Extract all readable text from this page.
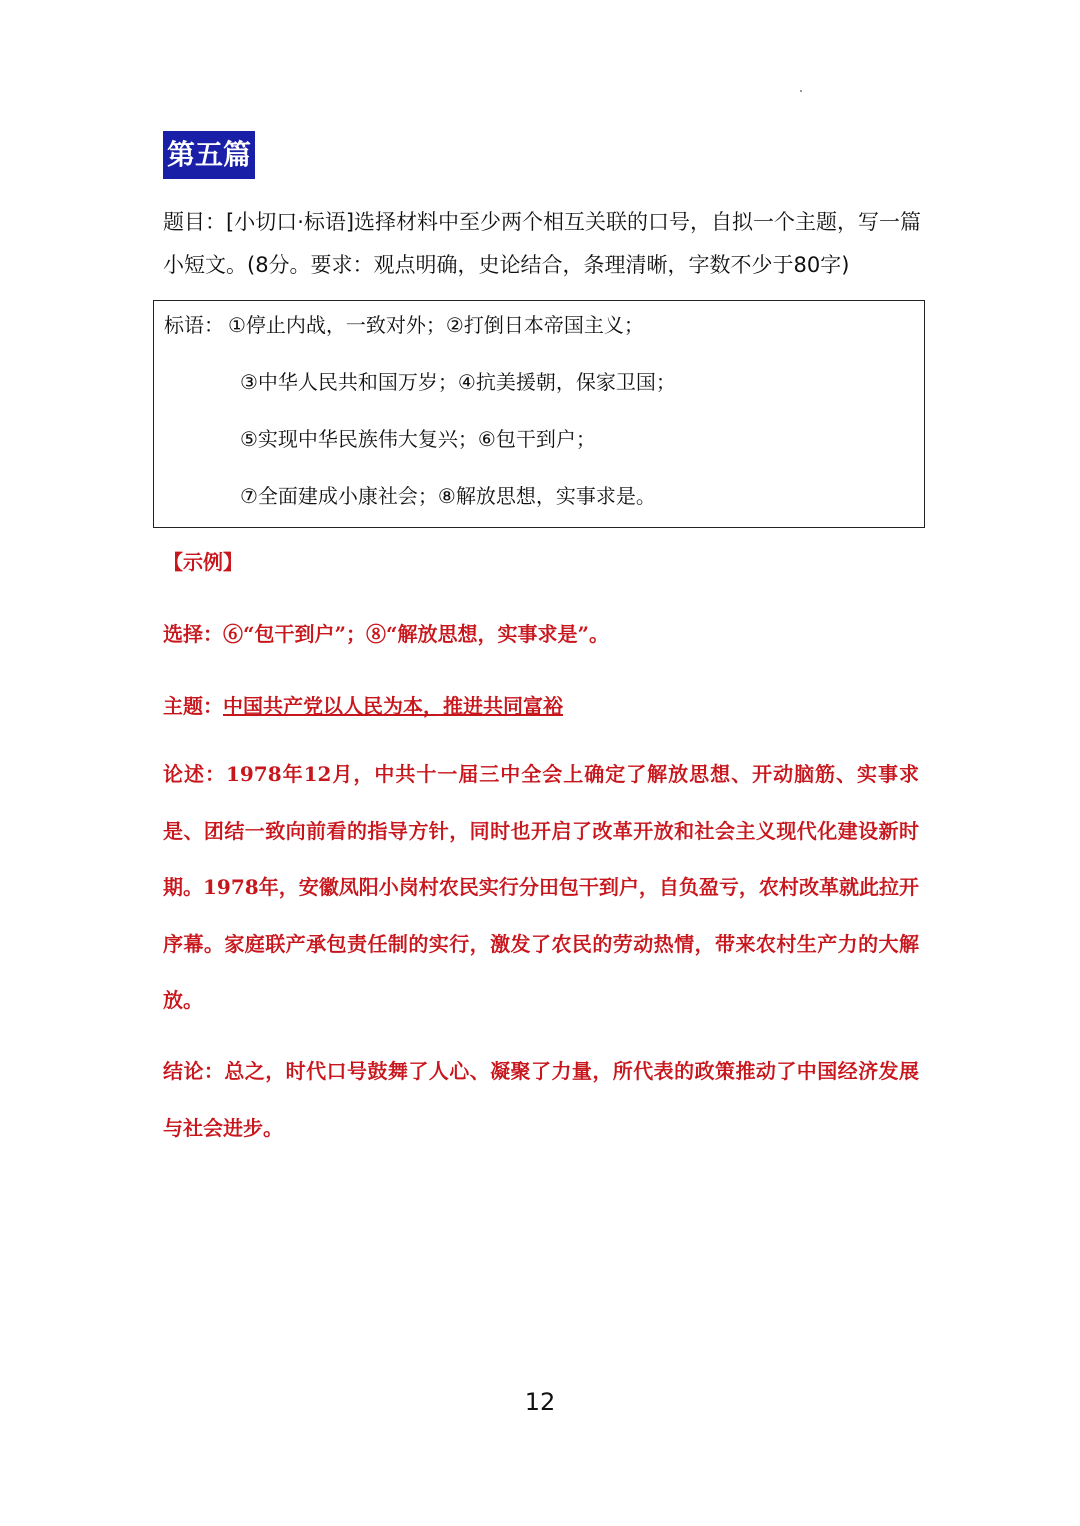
第五篇
题目：[小切口·标语]选择材料中至少两个相互关联的口号，自拟一个主题，写一篇小短文。(8分。要求：观点明确，史论结合，条理清晰，字数不少于80字)
标语： ①停止内战，一致对外；②打倒日本帝国主义；
③中华人民共和国万岁；④抗美援朝，保家卫国；
⑤实现中华民族伟大复兴；⑥包干到户；
⑦全面建成小康社会；⑧解放思想，实事求是。
【示例】
选择：⑥“包干到户”；⑧“解放思想，实事求是”。
主题：中国共产党以人民为本，推进共同富裕
论述：1978年12月，中共十一届三中全会上确定了解放思想、开动脑筋、实事求是、团结一致向前看的指导方针，同时也开启了改革开放和社会主义现代化建设新时期。1978年，安徽凤阳小岗村农民实行分田包干到户，自负盈亏，农村改革就此拉开序幕。家庭联产承包责任制的实行，激发了农民的劳动热情，带来农村生产力的大解放。
结论：总之，时代口号鼓舞了人心、凝聚了力量，所代表的政策推动了中国经济发展与社会进步。
12
